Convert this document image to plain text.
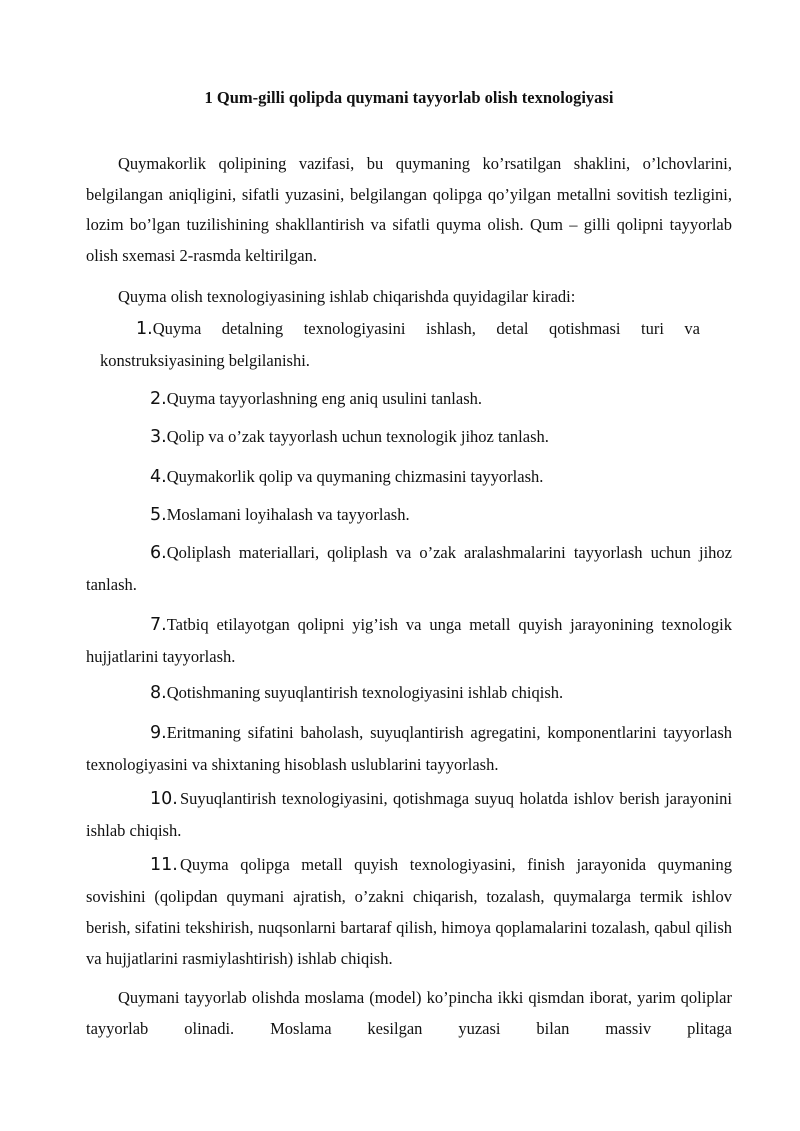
1 Qum-gilli qolipda quymani tayyorlab olish texnologiyasi
Quymakorlik qolipining vazifasi, bu quymaning ko’rsatilgan shaklini, o’lchovlarini, belgilangan aniqligini, sifatli yuzasini, belgilangan qolipga qo’yilgan metallni sovitish tezligini, lozim bo’lgan tuzilishining shakllantirish va sifatli quyma olish. Qum – gilli qolipni tayyorlab olish sxemasi 2-rasmda keltirilgan.
Quyma olish texnologiyasining ishlab chiqarishda quyidagilar kiradi:
1.Quyma detalning texnologiyasini ishlash, detal qotishmasi turi va konstruksiyasining belgilanishi.
2.Quyma tayyorlashning eng aniq usulini tanlash.
3.Qolip va o’zak tayyorlash uchun texnologik jihoz tanlash.
4.Quymakorlik qolip va quymaning chizmasini tayyorlash.
5.Moslamani loyihalash va tayyorlash.
6.Qoliplash materiallari, qoliplash va o’zak aralashmalarini tayyorlash uchun jihoz tanlash.
7.Tatbiq etilayotgan qolipni yig’ish va unga metall quyish jarayonining texnologik hujjatlarini tayyorlash.
8.Qotishmaning suyuqlantirish texnologiyasini ishlab chiqish.
9.Eritmaning sifatini baholash, suyuqlantirish agregatini, komponentlarini tayyorlash texnologiyasini va shixtaning hisoblash uslublarini tayyorlash.
10. Suyuqlantirish texnologiyasini, qotishmaga suyuq holatda ishlov berish jarayonini ishlab chiqish.
11. Quyma qolipga metall quyish texnologiyasini, finish jarayonida quymaning sovishini (qolipdan quymani ajratish, o’zakni chiqarish, tozalash, quymalarga termik ishlov berish, sifatini tekshirish, nuqsonlarni bartaraf qilish, himoya qoplamalarini tozalash, qabul qilish va hujjatlarini rasmiylashtirish) ishlab chiqish.
Quymani tayyorlab olishda moslama (model) ko’pincha ikki qismdan iborat, yarim qoliplar tayyorlab olinadi. Moslama kesilgan yuzasi bilan massiv plitaga
